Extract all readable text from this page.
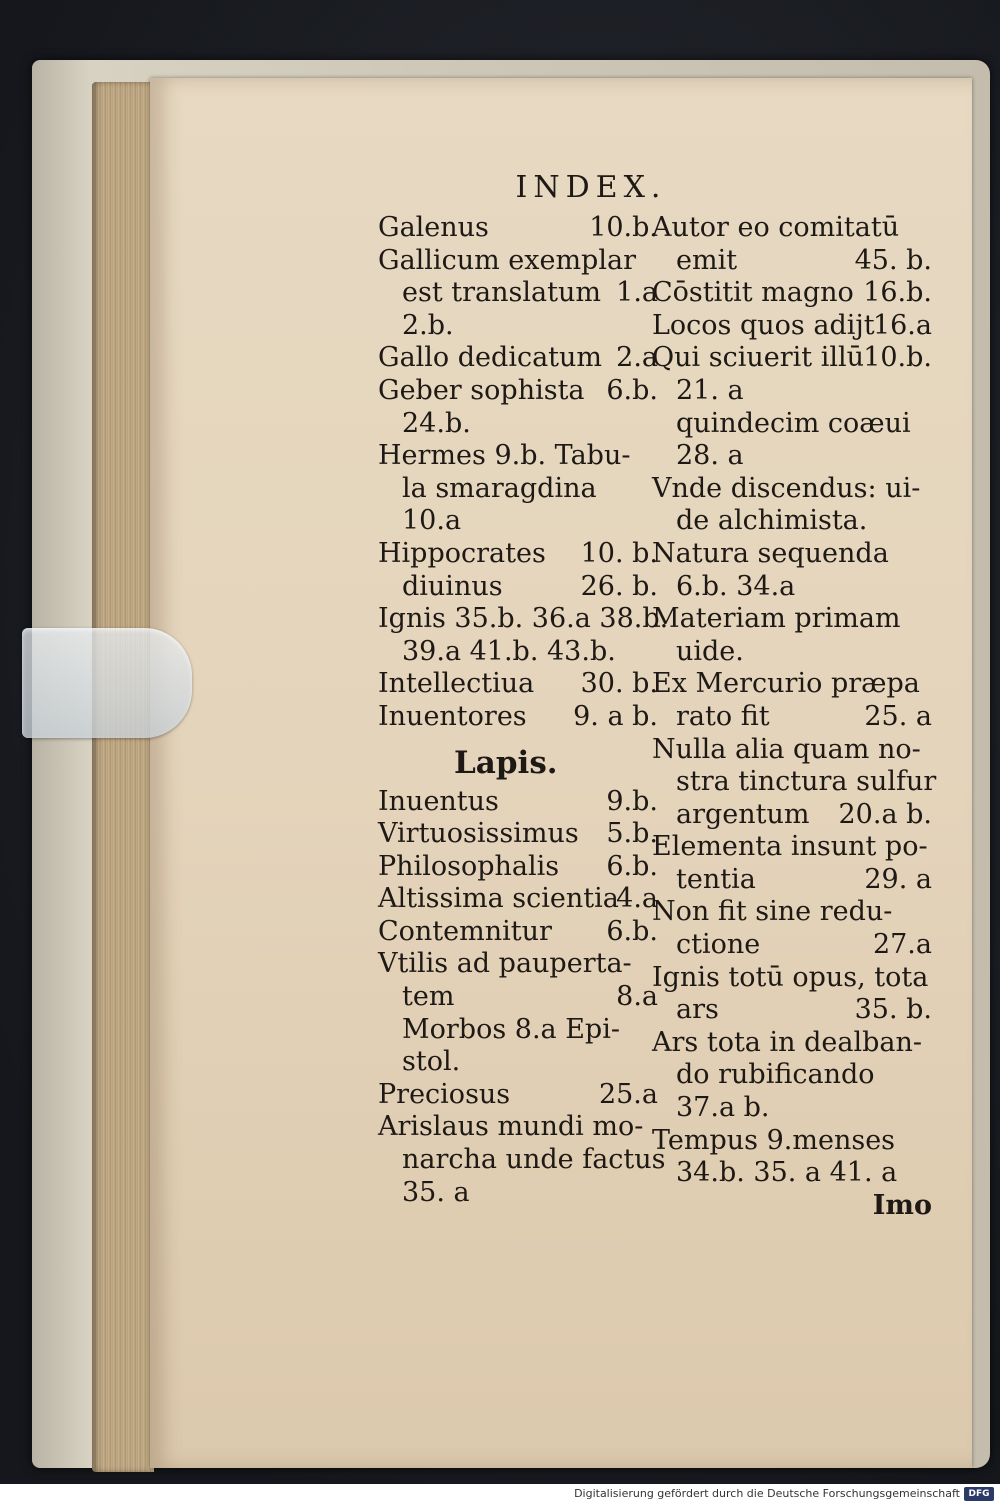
INDEX.
Galenus	10.b.
Gallicum exemplar
est translatum 1.a
2.b.
Gallo dedicatum 2.a
Geber sophista 6.b.
24.b.
Hermes 9.b. Tabu-
la smaragdina
10.a
Hippocrates 10. b.
diuinus	26. b.
Ignis 35.b. 36.a 38.b.
39.a 41.b. 43.b.
Intellectiua 30. b.
Inuentores 9. a b.
Lapis.
Inuentus	9.b.
Virtuosissimus 5.b.
Philosophalis 6.b.
Altissima scientia
4.a
Contemnitur 6.b.
Vtilis ad pauperta-
tem	8.a
Morbos 8.a Epi-
stol.
Preciosus	25.a
Arislaus mundi mo-
narcha unde factus
35. a
Autor eo comitatū
emit	45. b.
Cōstitit magno 16.b.
Locos quos adijt
16.a
Qui sciuerit illū 10.b.
21. a
quindecim coæui
28. a
Vnde discendus: ui-
de alchimista.
Natura sequenda
6.b. 34.a
Materiam primam
uide.
Ex Mercurio præpa
rato fit	25. a
Nulla alia quam no-
stra tinctura sulfur
argentum 20.a b.
Elementa insunt po-
tentia	29. a
Non fit sine redu-
ctione	27.a
Ignis totū opus, tota
ars	35. b.
Ars tota in dealban-
do rubificando
37.a b.
Tempus 9.menses
34.b. 35. a 41. a
Imo
Digitalisierung gefördert durch die Deutsche Forschungsgemeinschaft DFG
